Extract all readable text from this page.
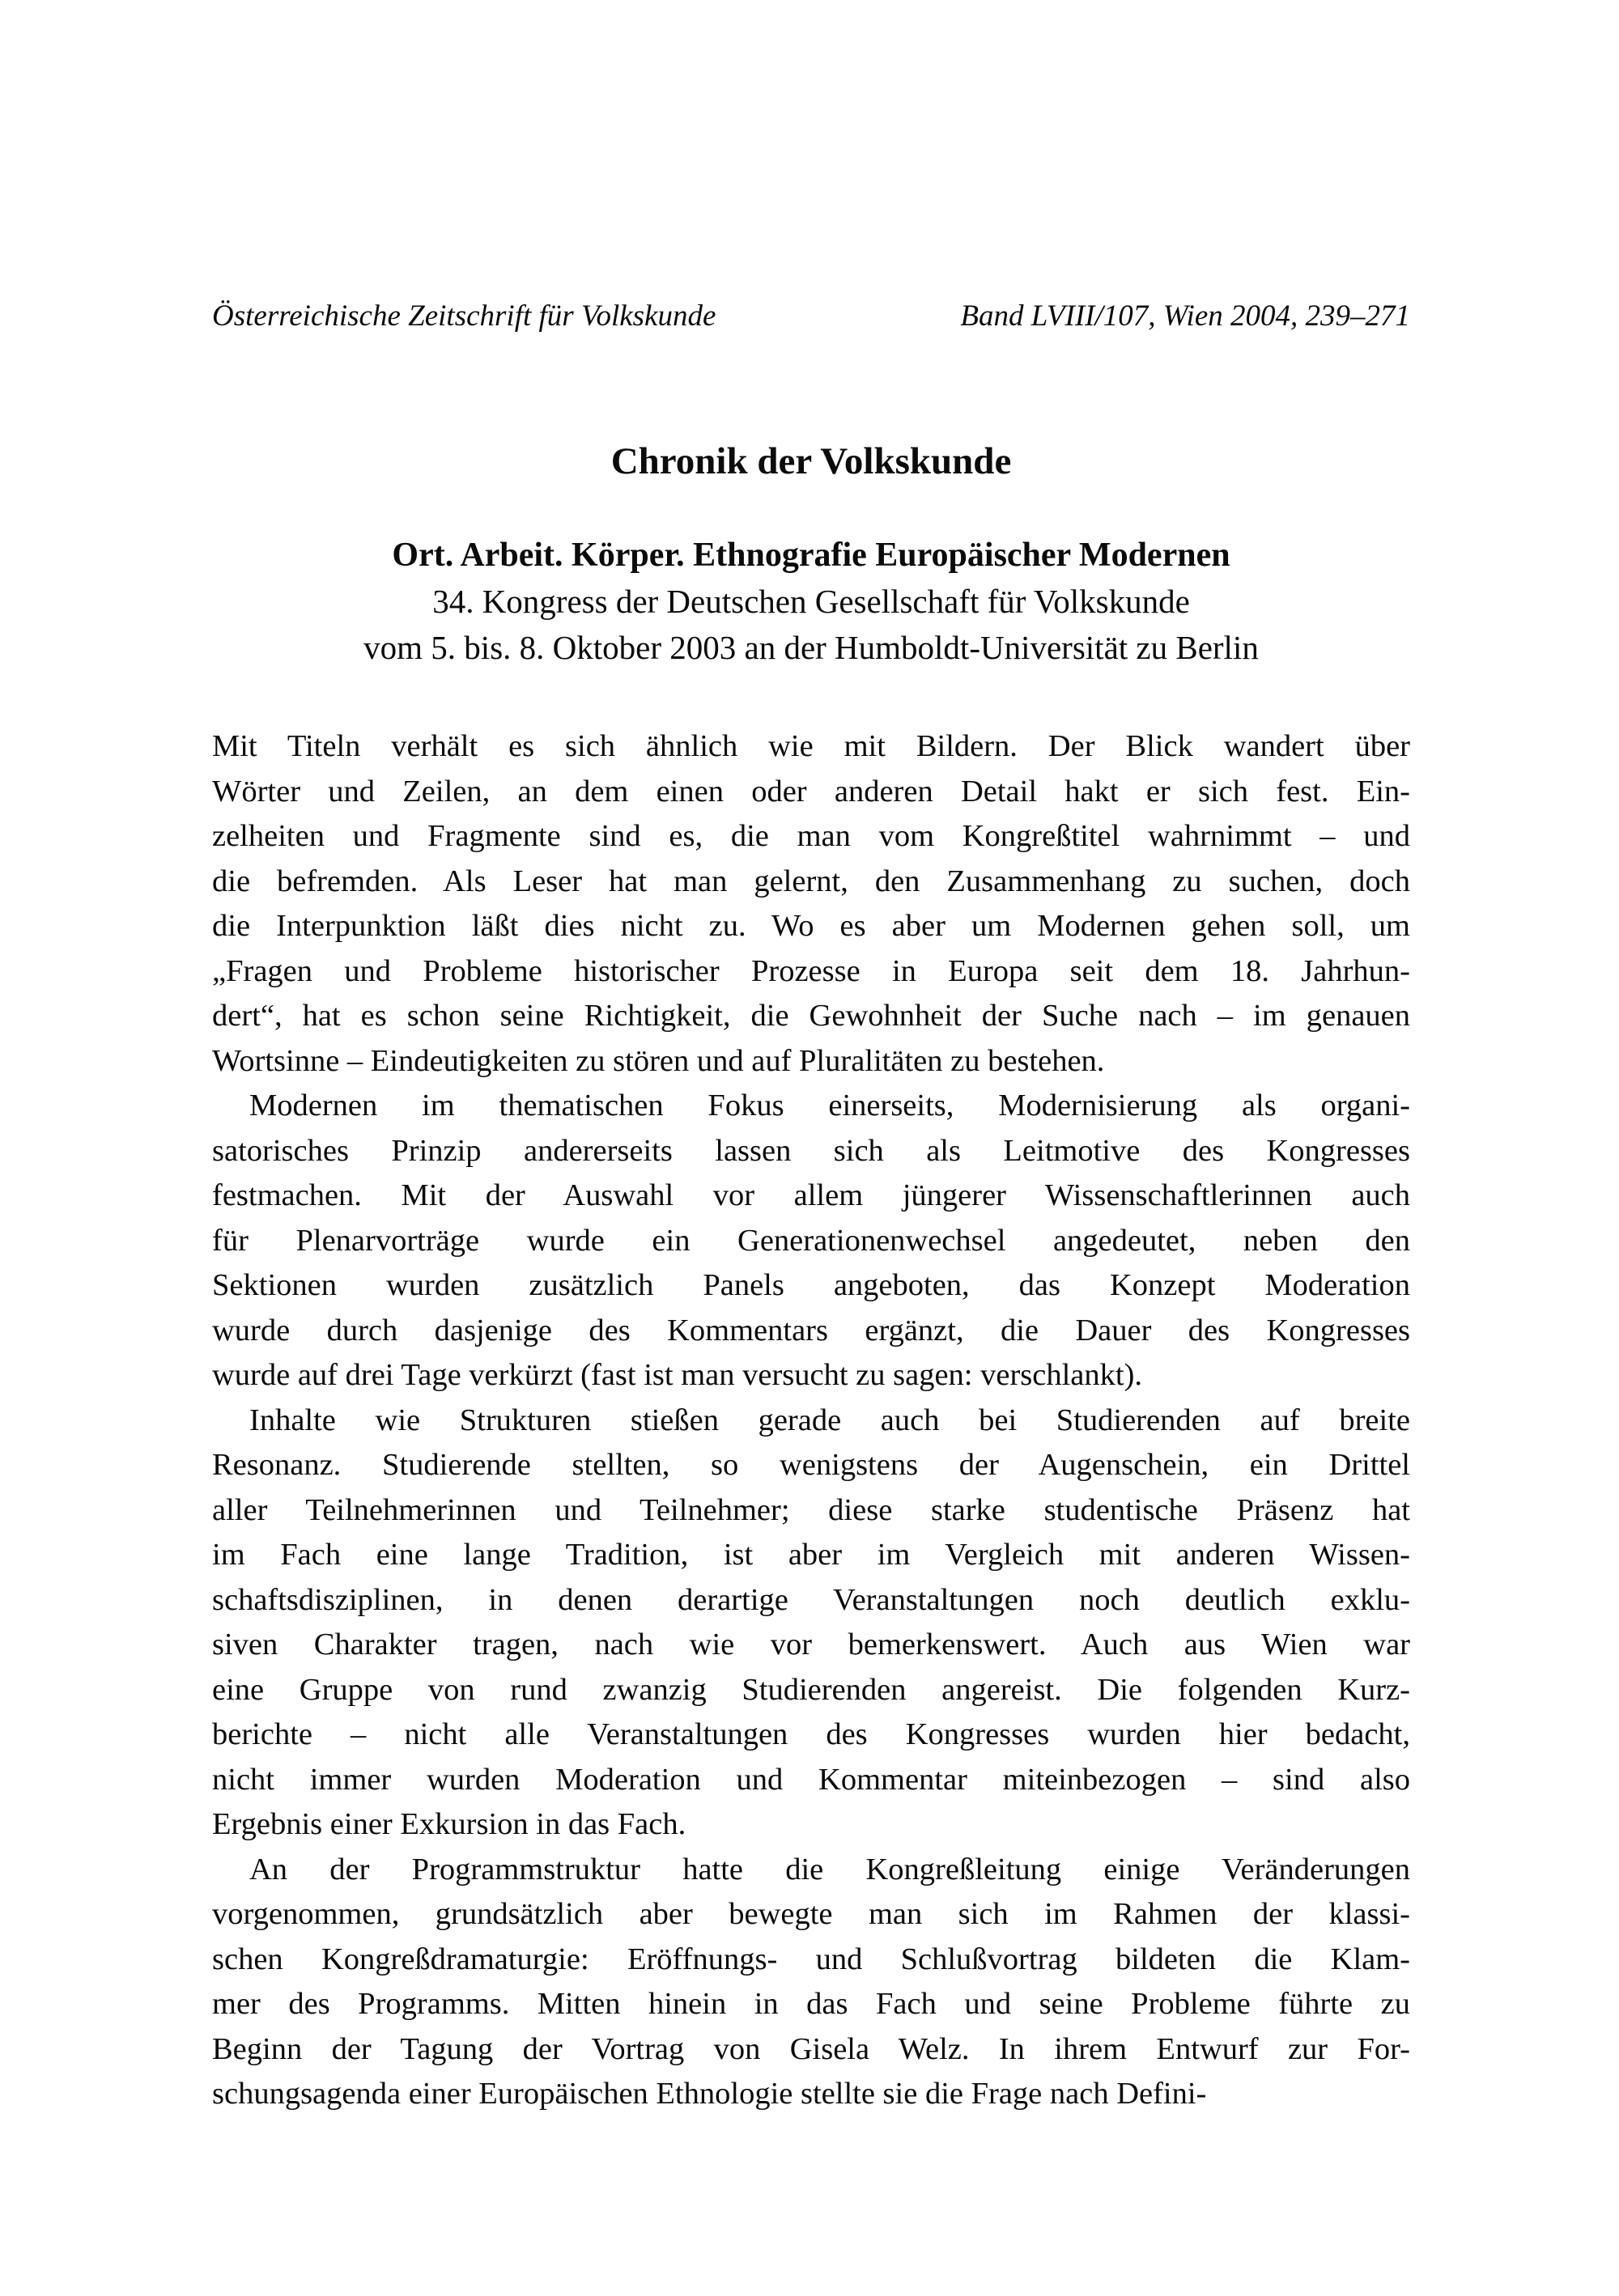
Österreichische Zeitschrift für Volkskunde	Band LVIII/107, Wien 2004, 239–271
Chronik der Volkskunde
Ort. Arbeit. Körper. Ethnografie Europäischer Modernen
34. Kongress der Deutschen Gesellschaft für Volkskunde
vom 5. bis. 8. Oktober 2003 an der Humboldt-Universität zu Berlin
Mit Titeln verhält es sich ähnlich wie mit Bildern. Der Blick wandert über
Wörter und Zeilen, an dem einen oder anderen Detail hakt er sich fest. Ein-
zelheiten und Fragmente sind es, die man vom Kongreßtitel wahrnimmt – und
die befremden. Als Leser hat man gelernt, den Zusammenhang zu suchen, doch
die Interpunktion läßt dies nicht zu. Wo es aber um Modernen gehen soll, um
„Fragen und Probleme historischer Prozesse in Europa seit dem 18. Jahrhun-
dert“, hat es schon seine Richtigkeit, die Gewohnheit der Suche nach – im genauen
Wortsinne – Eindeutigkeiten zu stören und auf Pluralitäten zu bestehen.
Modernen im thematischen Fokus einerseits, Modernisierung als organi-
satorisches Prinzip andererseits lassen sich als Leitmotive des Kongresses
festmachen. Mit der Auswahl vor allem jüngerer Wissenschaftlerinnen auch
für Plenarvorträge wurde ein Generationenwechsel angedeutet, neben den
Sektionen wurden zusätzlich Panels angeboten, das Konzept Moderation
wurde durch dasjenige des Kommentars ergänzt, die Dauer des Kongresses
wurde auf drei Tage verkürzt (fast ist man versucht zu sagen: verschlankt).
Inhalte wie Strukturen stießen gerade auch bei Studierenden auf breite
Resonanz. Studierende stellten, so wenigstens der Augenschein, ein Drittel
aller Teilnehmerinnen und Teilnehmer; diese starke studentische Präsenz hat
im Fach eine lange Tradition, ist aber im Vergleich mit anderen Wissen-
schaftsdisziplinen, in denen derartige Veranstaltungen noch deutlich exklu-
siven Charakter tragen, nach wie vor bemerkenswert. Auch aus Wien war
eine Gruppe von rund zwanzig Studierenden angereist. Die folgenden Kurz-
berichte – nicht alle Veranstaltungen des Kongresses wurden hier bedacht,
nicht immer wurden Moderation und Kommentar miteinbezogen – sind also
Ergebnis einer Exkursion in das Fach.
An der Programmstruktur hatte die Kongreßleitung einige Veränderungen
vorgenommen, grundsätzlich aber bewegte man sich im Rahmen der klassi-
schen Kongreßdramaturgie: Eröffnungs- und Schlußvortrag bildeten die Klam-
mer des Programms. Mitten hinein in das Fach und seine Probleme führte zu
Beginn der Tagung der Vortrag von Gisela Welz. In ihrem Entwurf zur For-
schungsagenda einer Europäischen Ethnologie stellte sie die Frage nach Defini-
